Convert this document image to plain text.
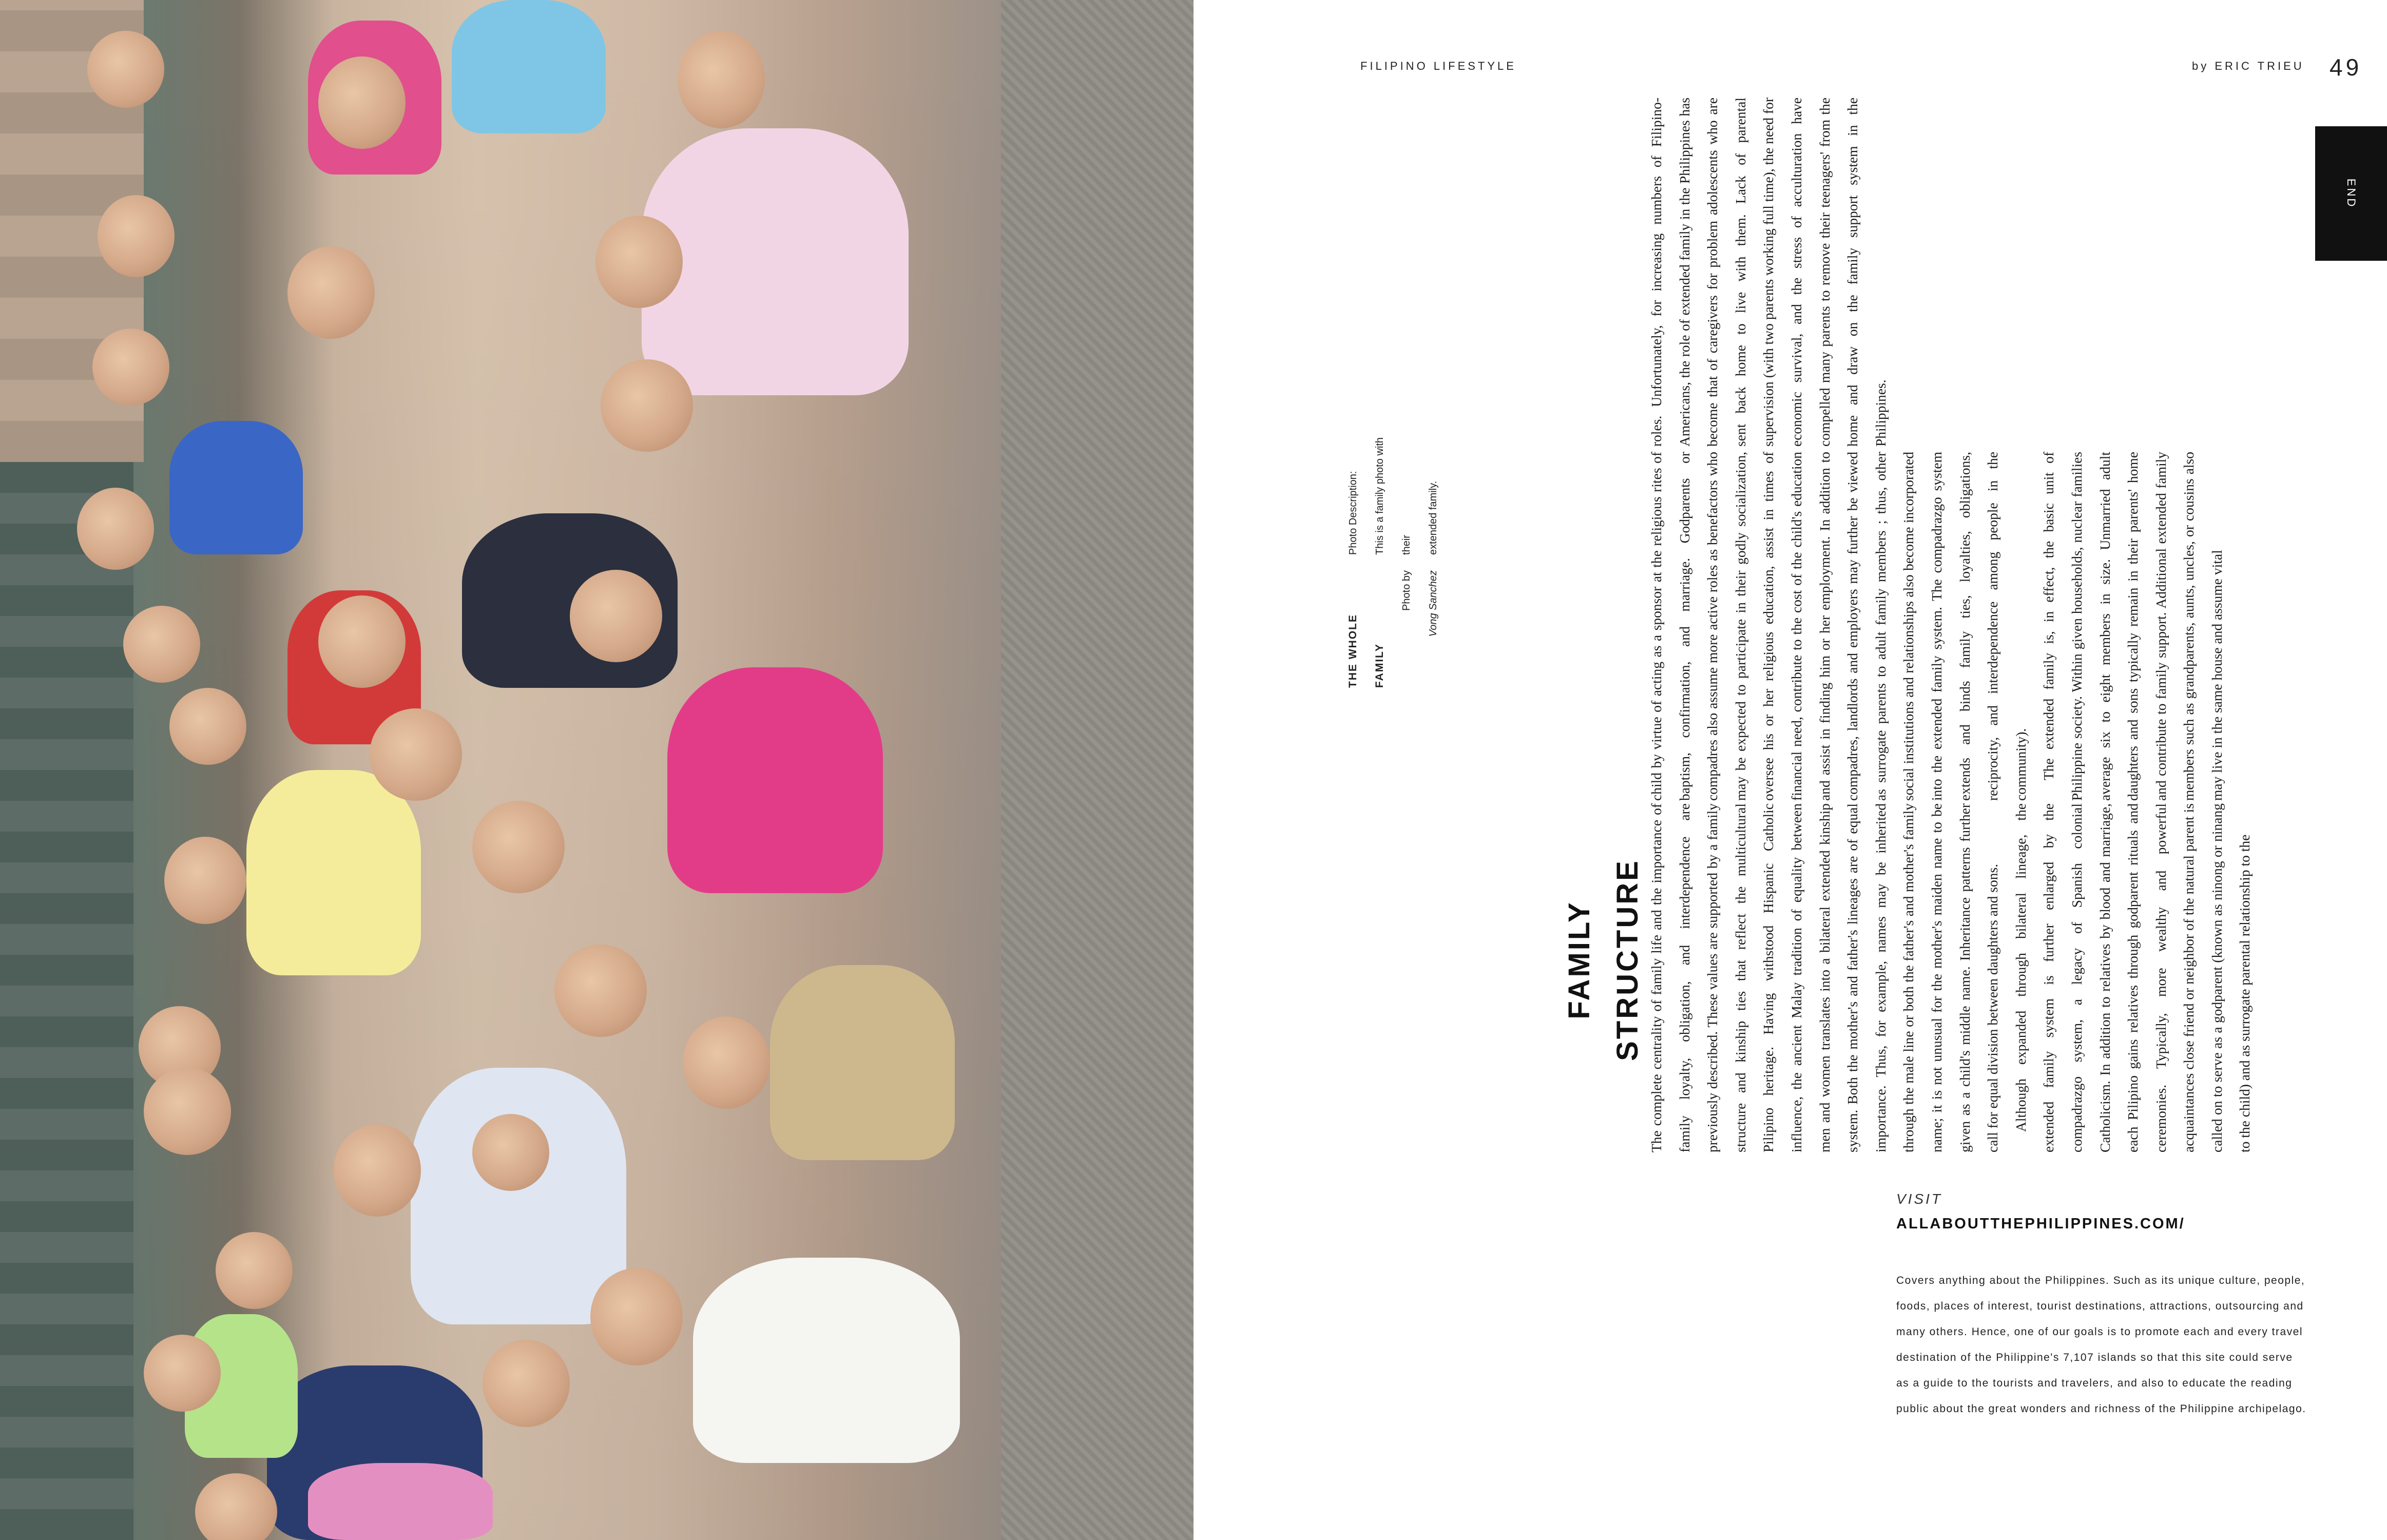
FILIPINO LIFESTYLE	by ERIC TRIEU 49
END
FAMILY STRUCTURE The complete centrality of family life and the importance of family loyalty, obligation, and interdependence are previously described. These values are supported by a family structure and kinship ties that reflect the multicultural Pilipino heritage. Having withstood Hispanic Catholic influence, the ancient Malay tradition of equality between men and women translates into a bilateral extended kinship system. Both the mother's and father's lineages are of equal importance. Thus, for example, names may be inherited through the male line or both the father's and mother's family name; it is not unusual for the mother's maiden name to be given as a child's middle name. Inheritance patterns further call for equal division between daughters and sons. Although expanded through bilateral lineage, the extended family system is further enlarged by the compadrazgo system, a legacy of Spanish colonial Catholicism. In addition to relatives by blood and marriage, each Pilipino gains relatives through godparent rituals and ceremonies. Typically, more wealthy and powerful acquaintances close friend or neighbor of the natural parent is called on to serve as a godparent (known as ninong or ninang to the child) and as surrogate parental relationship to the

child by virtue of acting as a sponsor at the religious rites of baptism, confirmation, and marriage. Godparents or compadres also assume more active roles as benefactors who may be expected to participate in their godly socialization, oversee his or her religious education, assist in times of financial need, contribute to the cost of the child's education and assist in finding him or her employment. In addition to compadres, landlords and employers may further be viewed as surrogate parents to adult family members ; thus, other social institutions and relationships also become incorporated into the extended family system. The compadrazgo system extends and binds family ties, loyalties, obligations, reciprocity, and interdependence among people in the community). The extended family is, in effect, the basic unit of Philippine society. Within given households, nuclear families average six to eight members in size. Unmarried adult daughters and sons typically remain in their parents' home and contribute to family support. Additional extended family members such as grandparents, aunts, uncles, or cousins also may live in the same house and assume vital

roles. Unfortunately, for increasing numbers of Filipino-Americans, the role of extended family in the Philippines has become that of caregivers for problem adolescents who are sent back home to live with them. Lack of parental supervision (with two parents working full time), the need for economic survival, and the stress of acculturation have compelled many parents to remove their teenagers' from the home and draw on the family support system in the Philippines.

THE WHOLE FAMILY
Photo by	Vong Sanchez
Photo Description:	This is a family photo with their	extended family.
VISIT
ALLABOUTTHEPHILIPPINES.COM/

Covers anything about the Philippines. Such as its unique culture, people, foods, places of interest, tourist destinations, attractions, outsourcing and many others. Hence, one of our goals is to promote each and every travel destination of the Philippine's 7,107 islands so that this site could serve as a guide to the tourists and travelers, and also to educate the reading public about the great wonders and richness of the Philippine archipelago.
